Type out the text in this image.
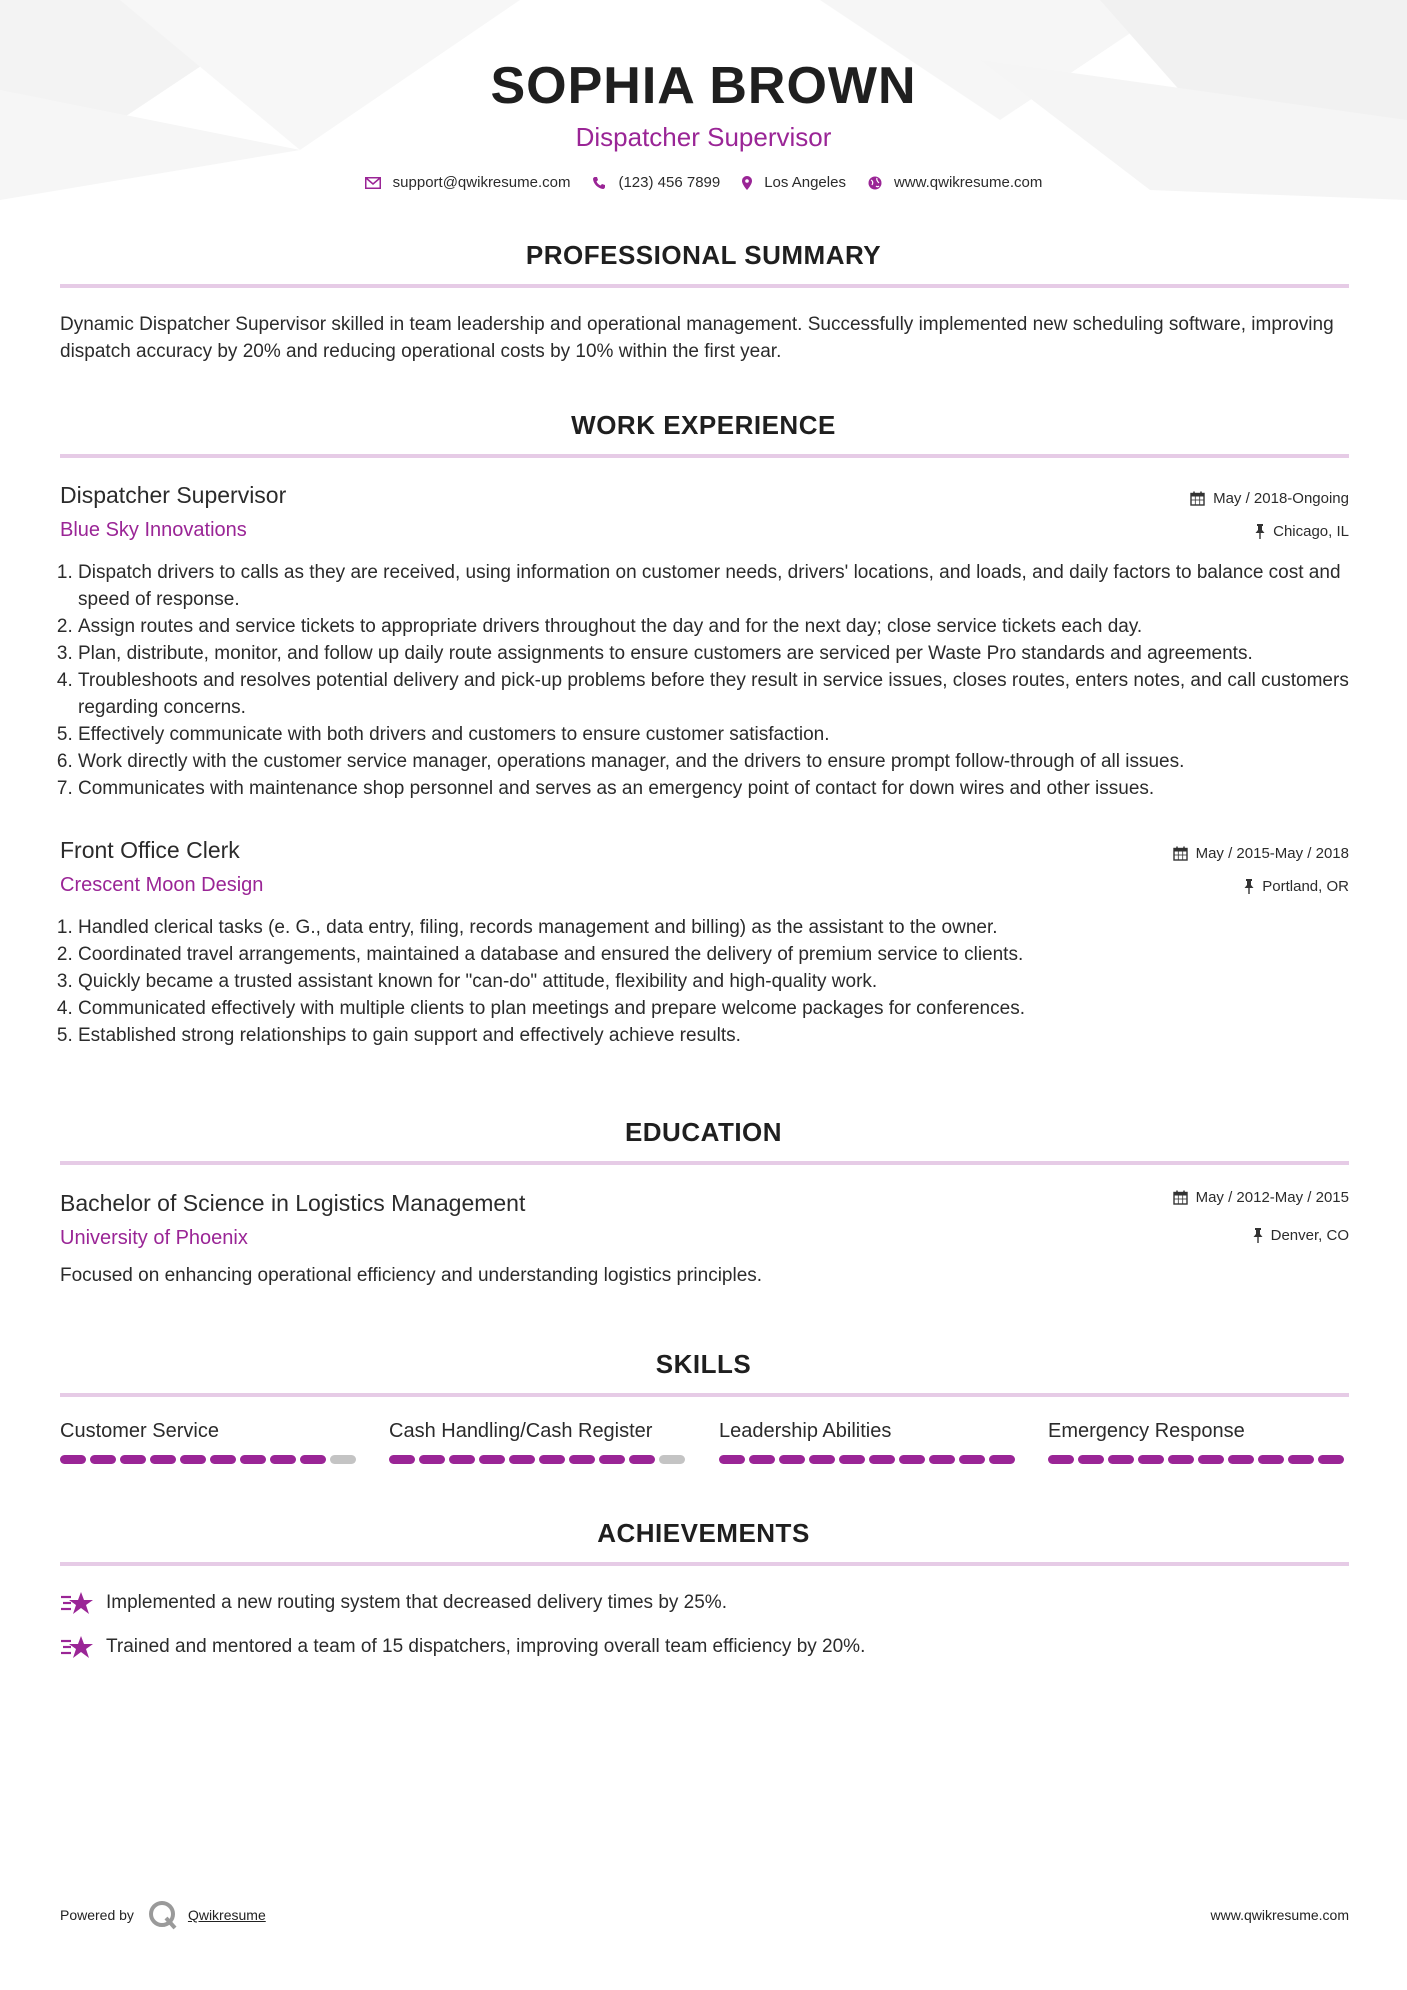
SOPHIA BROWN
Dispatcher Supervisor
support@qwikresume.com	(123) 456 7899	Los Angeles	www.qwikresume.com
PROFESSIONAL SUMMARY
Dynamic Dispatcher Supervisor skilled in team leadership and operational management. Successfully implemented new scheduling software, improving dispatch accuracy by 20% and reducing operational costs by 10% within the first year.
WORK EXPERIENCE
Dispatcher Supervisor	May / 2018-Ongoing
Blue Sky Innovations	Chicago, IL
1. Dispatch drivers to calls as they are received, using information on customer needs, drivers' locations, and loads, and daily factors to balance cost and speed of response.
2. Assign routes and service tickets to appropriate drivers throughout the day and for the next day; close service tickets each day.
3. Plan, distribute, monitor, and follow up daily route assignments to ensure customers are serviced per Waste Pro standards and agreements.
4. Troubleshoots and resolves potential delivery and pick-up problems before they result in service issues, closes routes, enters notes, and call customers regarding concerns.
5. Effectively communicate with both drivers and customers to ensure customer satisfaction.
6. Work directly with the customer service manager, operations manager, and the drivers to ensure prompt follow-through of all issues.
7. Communicates with maintenance shop personnel and serves as an emergency point of contact for down wires and other issues.
Front Office Clerk	May / 2015-May / 2018
Crescent Moon Design	Portland, OR
1. Handled clerical tasks (e. G., data entry, filing, records management and billing) as the assistant to the owner.
2. Coordinated travel arrangements, maintained a database and ensured the delivery of premium service to clients.
3. Quickly became a trusted assistant known for "can-do" attitude, flexibility and high-quality work.
4. Communicated effectively with multiple clients to plan meetings and prepare welcome packages for conferences.
5. Established strong relationships to gain support and effectively achieve results.
EDUCATION
Bachelor of Science in Logistics Management	May / 2012-May / 2015
University of Phoenix	Denver, CO
Focused on enhancing operational efficiency and understanding logistics principles.
SKILLS
Customer Service	Cash Handling/Cash Register	Leadership Abilities	Emergency Response
ACHIEVEMENTS
Implemented a new routing system that decreased delivery times by 25%.
Trained and mentored a team of 15 dispatchers, improving overall team efficiency by 20%.
Powered by	Qwikresume	www.qwikresume.com
